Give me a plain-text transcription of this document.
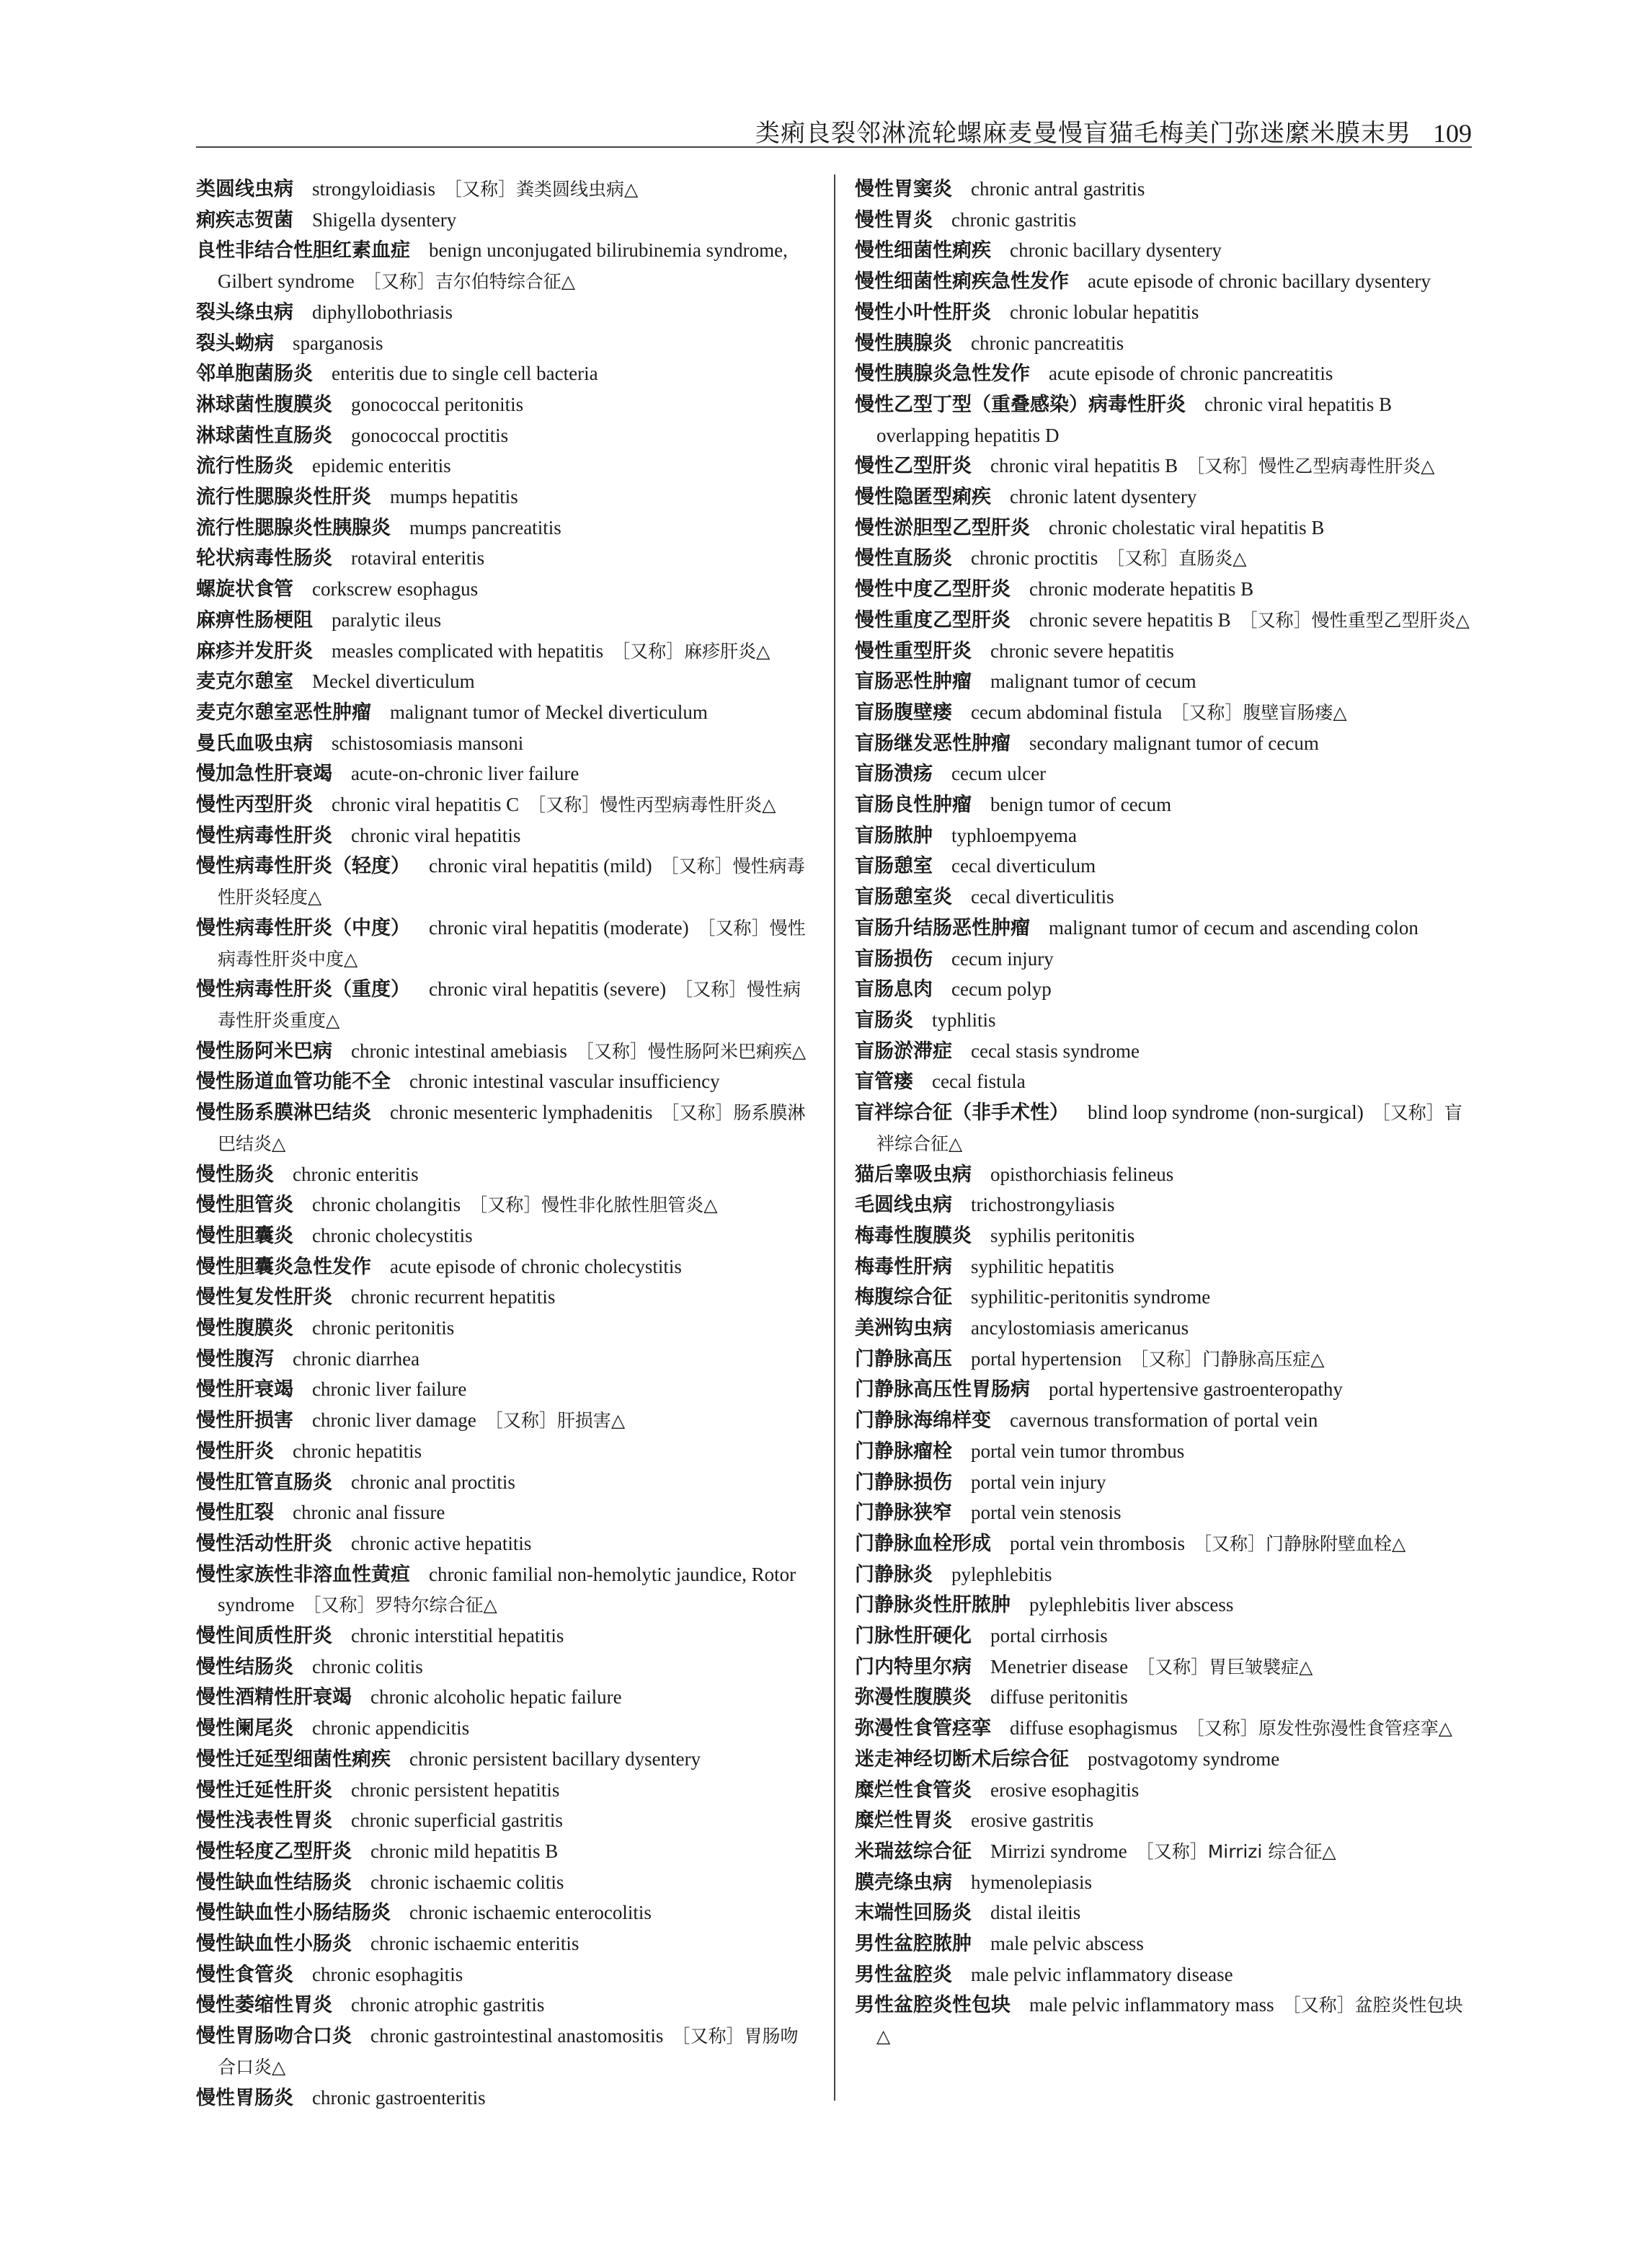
类痢良裂邻淋流轮螺麻麦曼慢盲猫毛梅美门弥迷縻米膜末男 109

类圆线虫病 strongyloidiasis ［又称］粪类圆线虫病△

痢疾志贺菌 Shigella dysentery

良性非结合性胆红素血症 benign unconjugated bilirubinemia syndrome, Gilbert syndrome ［又称］吉尔伯特综合征△

裂头绦虫病 diphyllobothriasis

裂头蚴病 sparganosis

邻单胞菌肠炎 enteritis due to single cell bacteria

淋球菌性腹膜炎 gonococcal peritonitis

淋球菌性直肠炎 gonococcal proctitis

流行性肠炎 epidemic enteritis

流行性腮腺炎性肝炎 mumps hepatitis

流行性腮腺炎性胰腺炎 mumps pancreatitis

轮状病毒性肠炎 rotaviral enteritis

螺旋状食管 corkscrew esophagus

麻痹性肠梗阻 paralytic ileus

麻疹并发肝炎 measles complicated with hepatitis ［又称］麻疹肝炎△

麦克尔憩室 Meckel diverticulum

麦克尔憩室恶性肿瘤 malignant tumor of Meckel diverticulum

曼氏血吸虫病 schistosomiasis mansoni

慢加急性肝衰竭 acute-on-chronic liver failure

慢性丙型肝炎 chronic viral hepatitis C ［又称］慢性丙型病毒性肝炎△

慢性病毒性肝炎 chronic viral hepatitis

慢性病毒性肝炎（轻度） chronic viral hepatitis (mild) ［又称］慢性病毒性肝炎轻度△

慢性病毒性肝炎（中度） chronic viral hepatitis (moderate) ［又称］慢性病毒性肝炎中度△

慢性病毒性肝炎（重度） chronic viral hepatitis (severe) ［又称］慢性病毒性肝炎重度△

慢性肠阿米巴病 chronic intestinal amebiasis ［又称］慢性肠阿米巴痢疾△

慢性肠道血管功能不全 chronic intestinal vascular insufficiency

慢性肠系膜淋巴结炎 chronic mesenteric lymphadenitis ［又称］肠系膜淋巴结炎△

慢性肠炎 chronic enteritis

慢性胆管炎 chronic cholangitis ［又称］慢性非化脓性胆管炎△

慢性胆囊炎 chronic cholecystitis

慢性胆囊炎急性发作 acute episode of chronic cholecystitis

慢性复发性肝炎 chronic recurrent hepatitis

慢性腹膜炎 chronic peritonitis

慢性腹泻 chronic diarrhea

慢性肝衰竭 chronic liver failure

慢性肝损害 chronic liver damage ［又称］肝损害△

慢性肝炎 chronic hepatitis

慢性肛管直肠炎 chronic anal proctitis

慢性肛裂 chronic anal fissure

慢性活动性肝炎 chronic active hepatitis

慢性家族性非溶血性黄疸 chronic familial non-hemolytic jaundice, Rotor syndrome ［又称］罗特尔综合征△

慢性间质性肝炎 chronic interstitial hepatitis

慢性结肠炎 chronic colitis

慢性酒精性肝衰竭 chronic alcoholic hepatic failure

慢性阑尾炎 chronic appendicitis

慢性迁延型细菌性痢疾 chronic persistent bacillary dysentery

慢性迁延性肝炎 chronic persistent hepatitis

慢性浅表性胃炎 chronic superficial gastritis

慢性轻度乙型肝炎 chronic mild hepatitis B

慢性缺血性结肠炎 chronic ischaemic colitis

慢性缺血性小肠结肠炎 chronic ischaemic enterocolitis

慢性缺血性小肠炎 chronic ischaemic enteritis

慢性食管炎 chronic esophagitis

慢性萎缩性胃炎 chronic atrophic gastritis

慢性胃肠吻合口炎 chronic gastrointestinal anastomositis ［又称］胃肠吻合口炎△

慢性胃肠炎 chronic gastroenteritis

慢性胃窦炎 chronic antral gastritis

慢性胃炎 chronic gastritis

慢性细菌性痢疾 chronic bacillary dysentery

慢性细菌性痢疾急性发作 acute episode of chronic bacillary dysentery

慢性小叶性肝炎 chronic lobular hepatitis

慢性胰腺炎 chronic pancreatitis

慢性胰腺炎急性发作 acute episode of chronic pancreatitis

慢性乙型丁型（重叠感染）病毒性肝炎 chronic viral hepatitis B overlapping hepatitis D

慢性乙型肝炎 chronic viral hepatitis B ［又称］慢性乙型病毒性肝炎△

慢性隐匿型痢疾 chronic latent dysentery

慢性淤胆型乙型肝炎 chronic cholestatic viral hepatitis B

慢性直肠炎 chronic proctitis ［又称］直肠炎△

慢性中度乙型肝炎 chronic moderate hepatitis B

慢性重度乙型肝炎 chronic severe hepatitis B ［又称］慢性重型乙型肝炎△

慢性重型肝炎 chronic severe hepatitis

盲肠恶性肿瘤 malignant tumor of cecum

盲肠腹壁瘘 cecum abdominal fistula ［又称］腹壁盲肠瘘△

盲肠继发恶性肿瘤 secondary malignant tumor of cecum

盲肠溃疡 cecum ulcer

盲肠良性肿瘤 benign tumor of cecum

盲肠脓肿 typhloempyema

盲肠憩室 cecal diverticulum

盲肠憩室炎 cecal diverticulitis

盲肠升结肠恶性肿瘤 malignant tumor of cecum and ascending colon

盲肠损伤 cecum injury

盲肠息肉 cecum polyp

盲肠炎 typhlitis

盲肠淤滞症 cecal stasis syndrome

盲管瘘 cecal fistula

盲袢综合征（非手术性） blind loop syndrome (non-surgical) ［又称］盲袢综合征△

猫后睾吸虫病 opisthorchiasis felineus

毛圆线虫病 trichostrongyliasis

梅毒性腹膜炎 syphilis peritonitis

梅毒性肝病 syphilitic hepatitis

梅腹综合征 syphilitic-peritonitis syndrome

美洲钩虫病 ancylostomiasis americanus

门静脉高压 portal hypertension ［又称］门静脉高压症△

门静脉高压性胃肠病 portal hypertensive gastroenteropathy

门静脉海绵样变 cavernous transformation of portal vein

门静脉瘤栓 portal vein tumor thrombus

门静脉损伤 portal vein injury

门静脉狭窄 portal vein stenosis

门静脉血栓形成 portal vein thrombosis ［又称］门静脉附壁血栓△

门静脉炎 pylephlebitis

门静脉炎性肝脓肿 pylephlebitis liver abscess

门脉性肝硬化 portal cirrhosis

门内特里尔病 Menetrier disease ［又称］胃巨皱襞症△

弥漫性腹膜炎 diffuse peritonitis

弥漫性食管痉挛 diffuse esophagismus ［又称］原发性弥漫性食管痉挛△

迷走神经切断术后综合征 postvagotomy syndrome

糜烂性食管炎 erosive esophagitis

糜烂性胃炎 erosive gastritis

米瑞兹综合征 Mirrizi syndrome ［又称］Mirrizi 综合征△

膜壳绦虫病 hymenolepiasis

末端性回肠炎 distal ileitis

男性盆腔脓肿 male pelvic abscess

男性盆腔炎 male pelvic inflammatory disease

男性盆腔炎性包块 male pelvic inflammatory mass ［又称］盆腔炎性包块△
